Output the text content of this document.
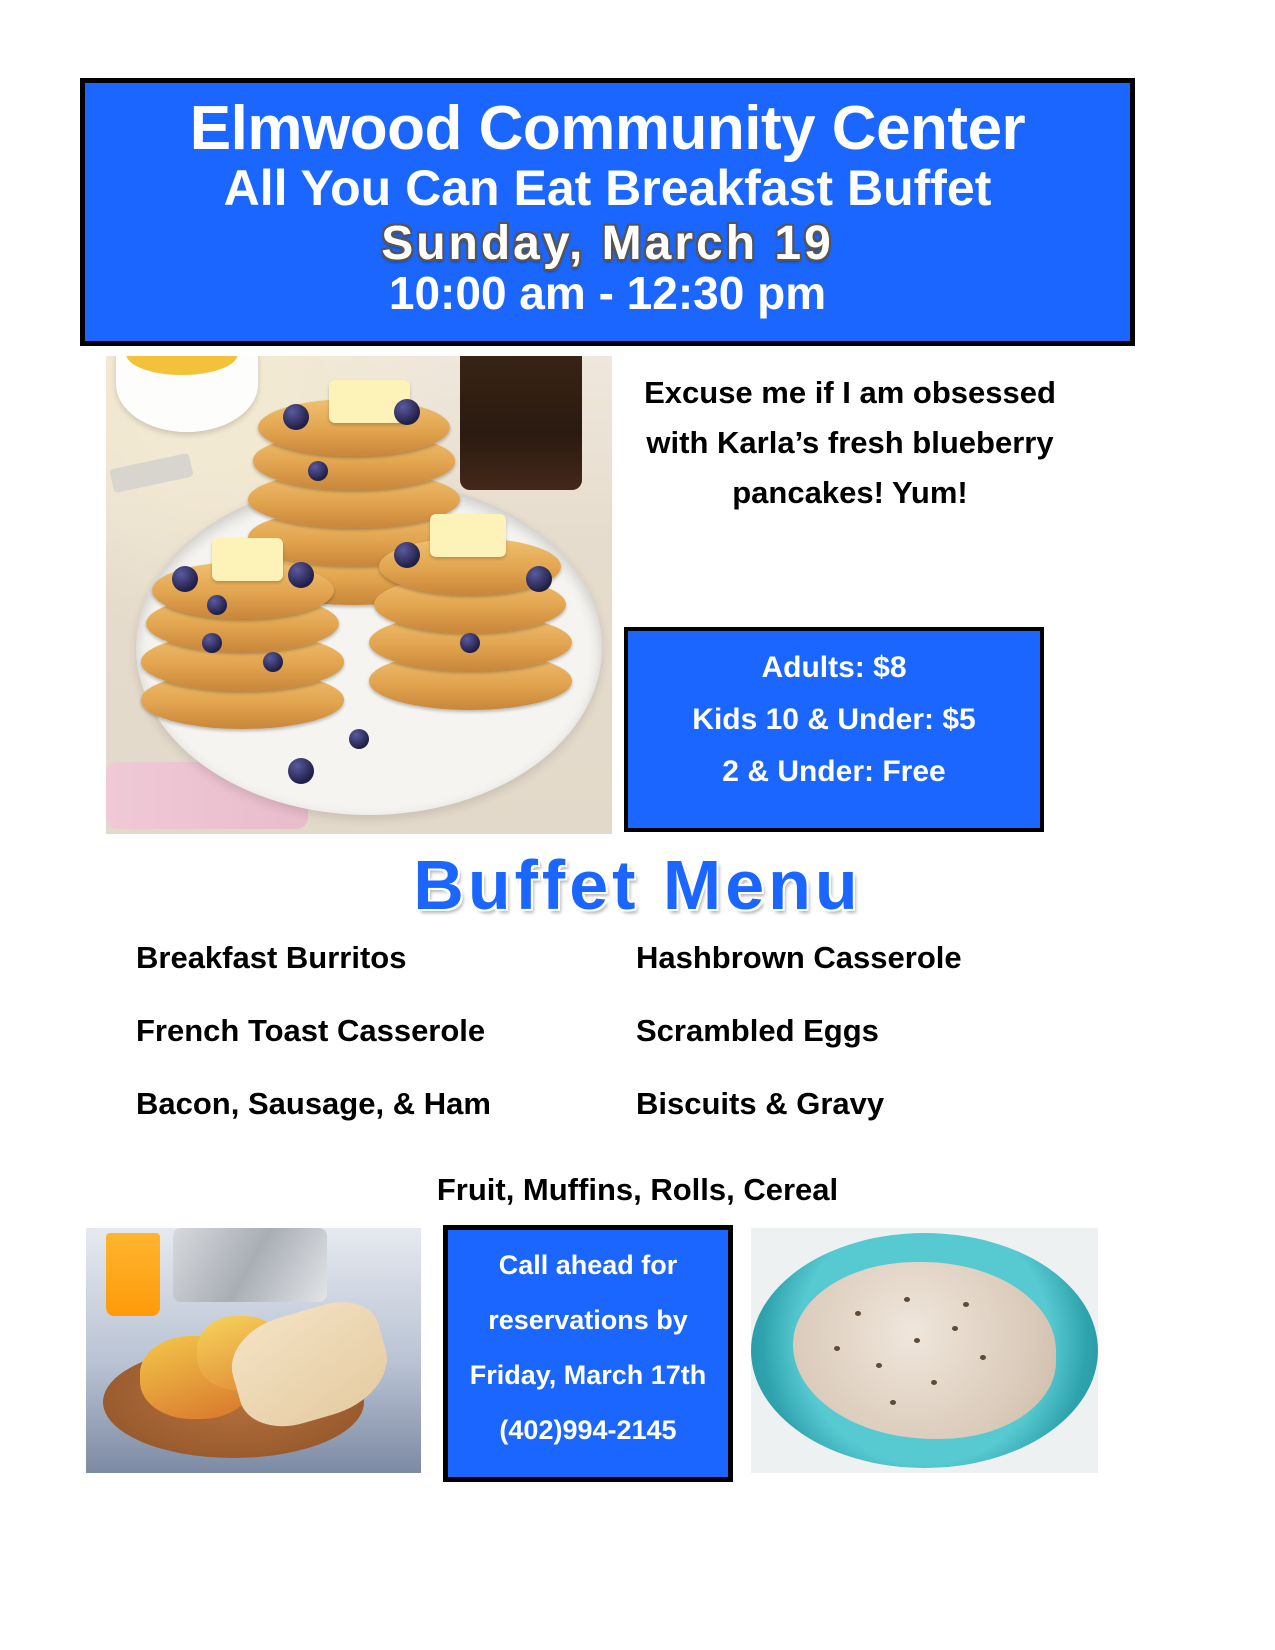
Elmwood Community Center
All You Can Eat Breakfast Buffet
Sunday, March 19
10:00 am - 12:30 pm
Excuse me if I am obsessed with Karla’s fresh blueberry pancakes! Yum!
Adults: $8
Kids 10 & Under: $5
2 & Under: Free
Buffet Menu
Breakfast Burritos	Hashbrown Casserole
French Toast Casserole	Scrambled Eggs
Bacon, Sausage, & Ham	Biscuits & Gravy
Fruit, Muffins, Rolls, Cereal
Call ahead for
reservations by
Friday, March 17th
(402)994-2145
